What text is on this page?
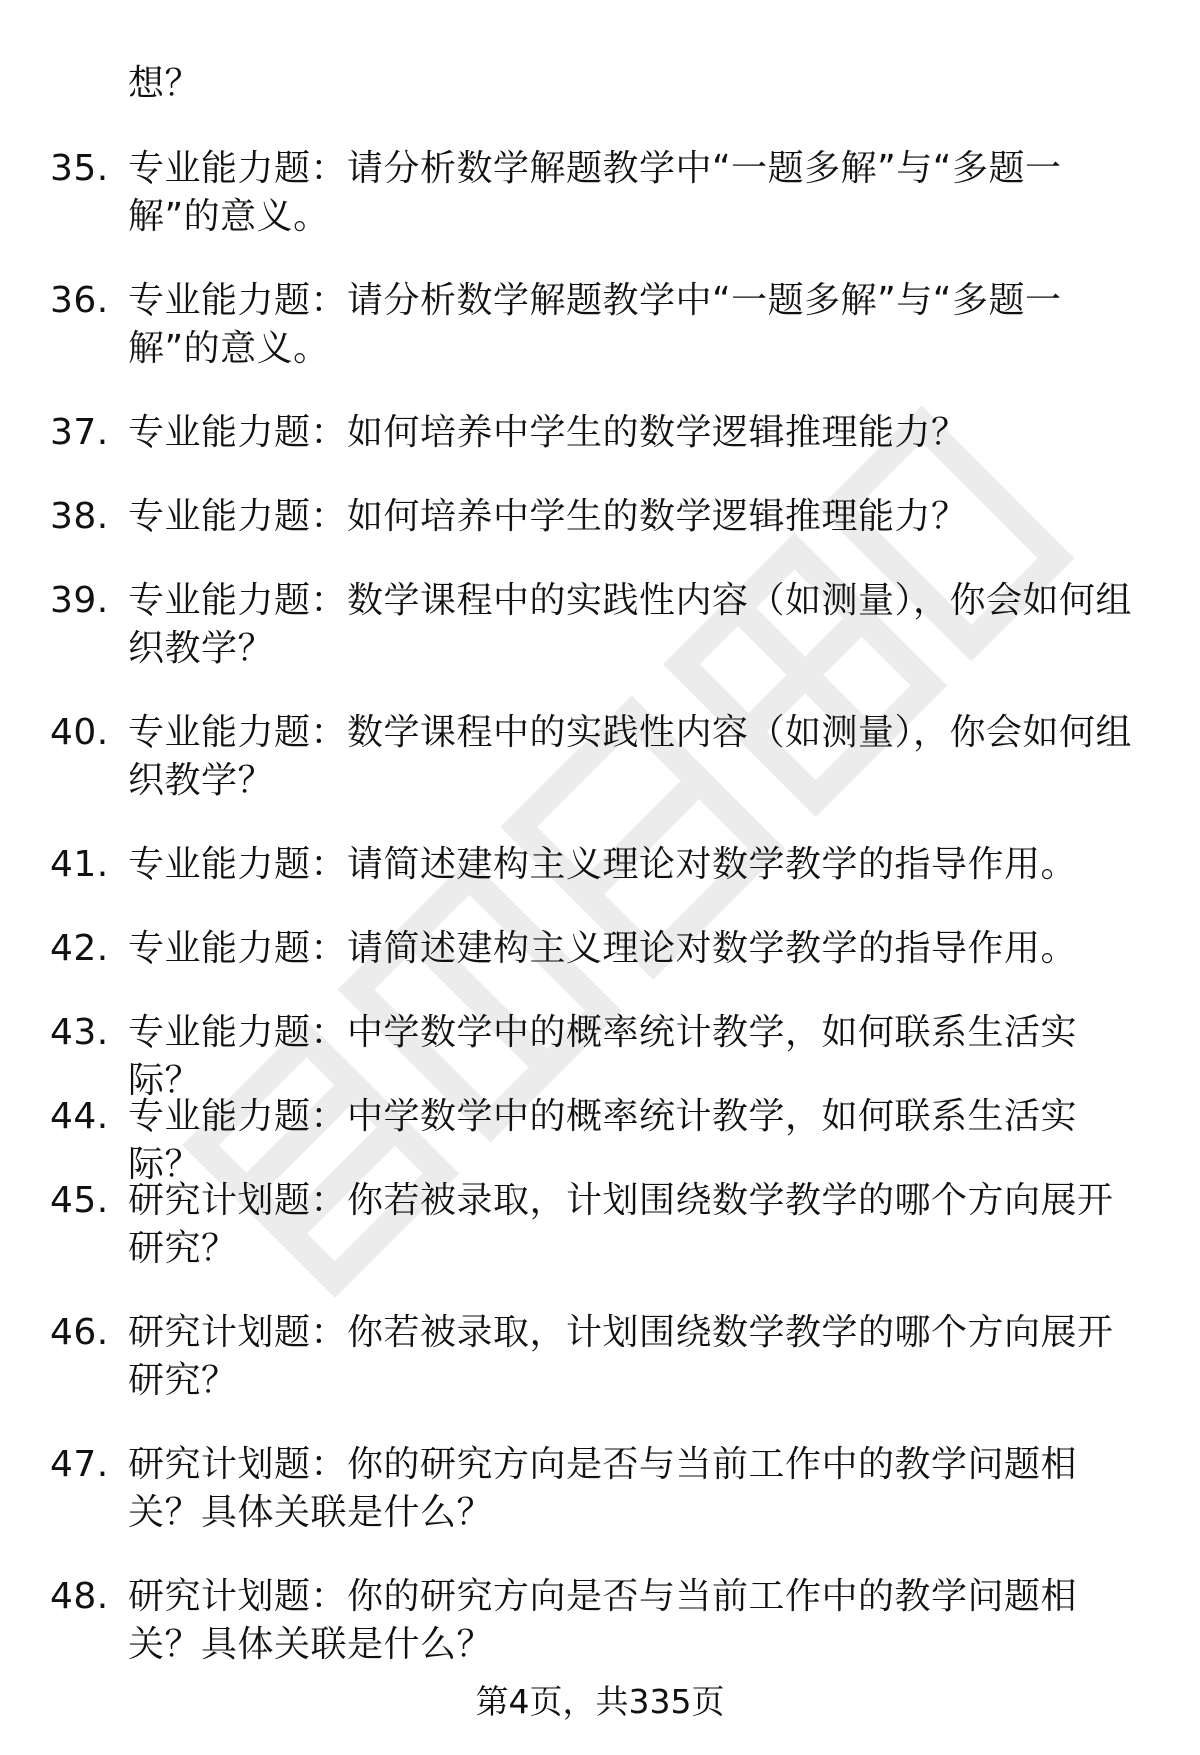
想？
35. 专业能力题：请分析数学解题教学中“一题多解”与“多题一解”的意义。
36. 专业能力题：请分析数学解题教学中“一题多解”与“多题一解”的意义。
37. 专业能力题：如何培养中学生的数学逻辑推理能力？
38. 专业能力题：如何培养中学生的数学逻辑推理能力？
39. 专业能力题：数学课程中的实践性内容（如测量），你会如何组织教学？
40. 专业能力题：数学课程中的实践性内容（如测量），你会如何组织教学？
41. 专业能力题：请简述建构主义理论对数学教学的指导作用。
42. 专业能力题：请简述建构主义理论对数学教学的指导作用。
43. 专业能力题：中学数学中的概率统计教学，如何联系生活实际？
44. 专业能力题：中学数学中的概率统计教学，如何联系生活实际？
45. 研究计划题：你若被录取，计划围绕数学教学的哪个方向展开研究？
46. 研究计划题：你若被录取，计划围绕数学教学的哪个方向展开研究？
47. 研究计划题：你的研究方向是否与当前工作中的教学问题相关？具体关联是什么？
48. 研究计划题：你的研究方向是否与当前工作中的教学问题相关？具体关联是什么？
第4页，共335页
